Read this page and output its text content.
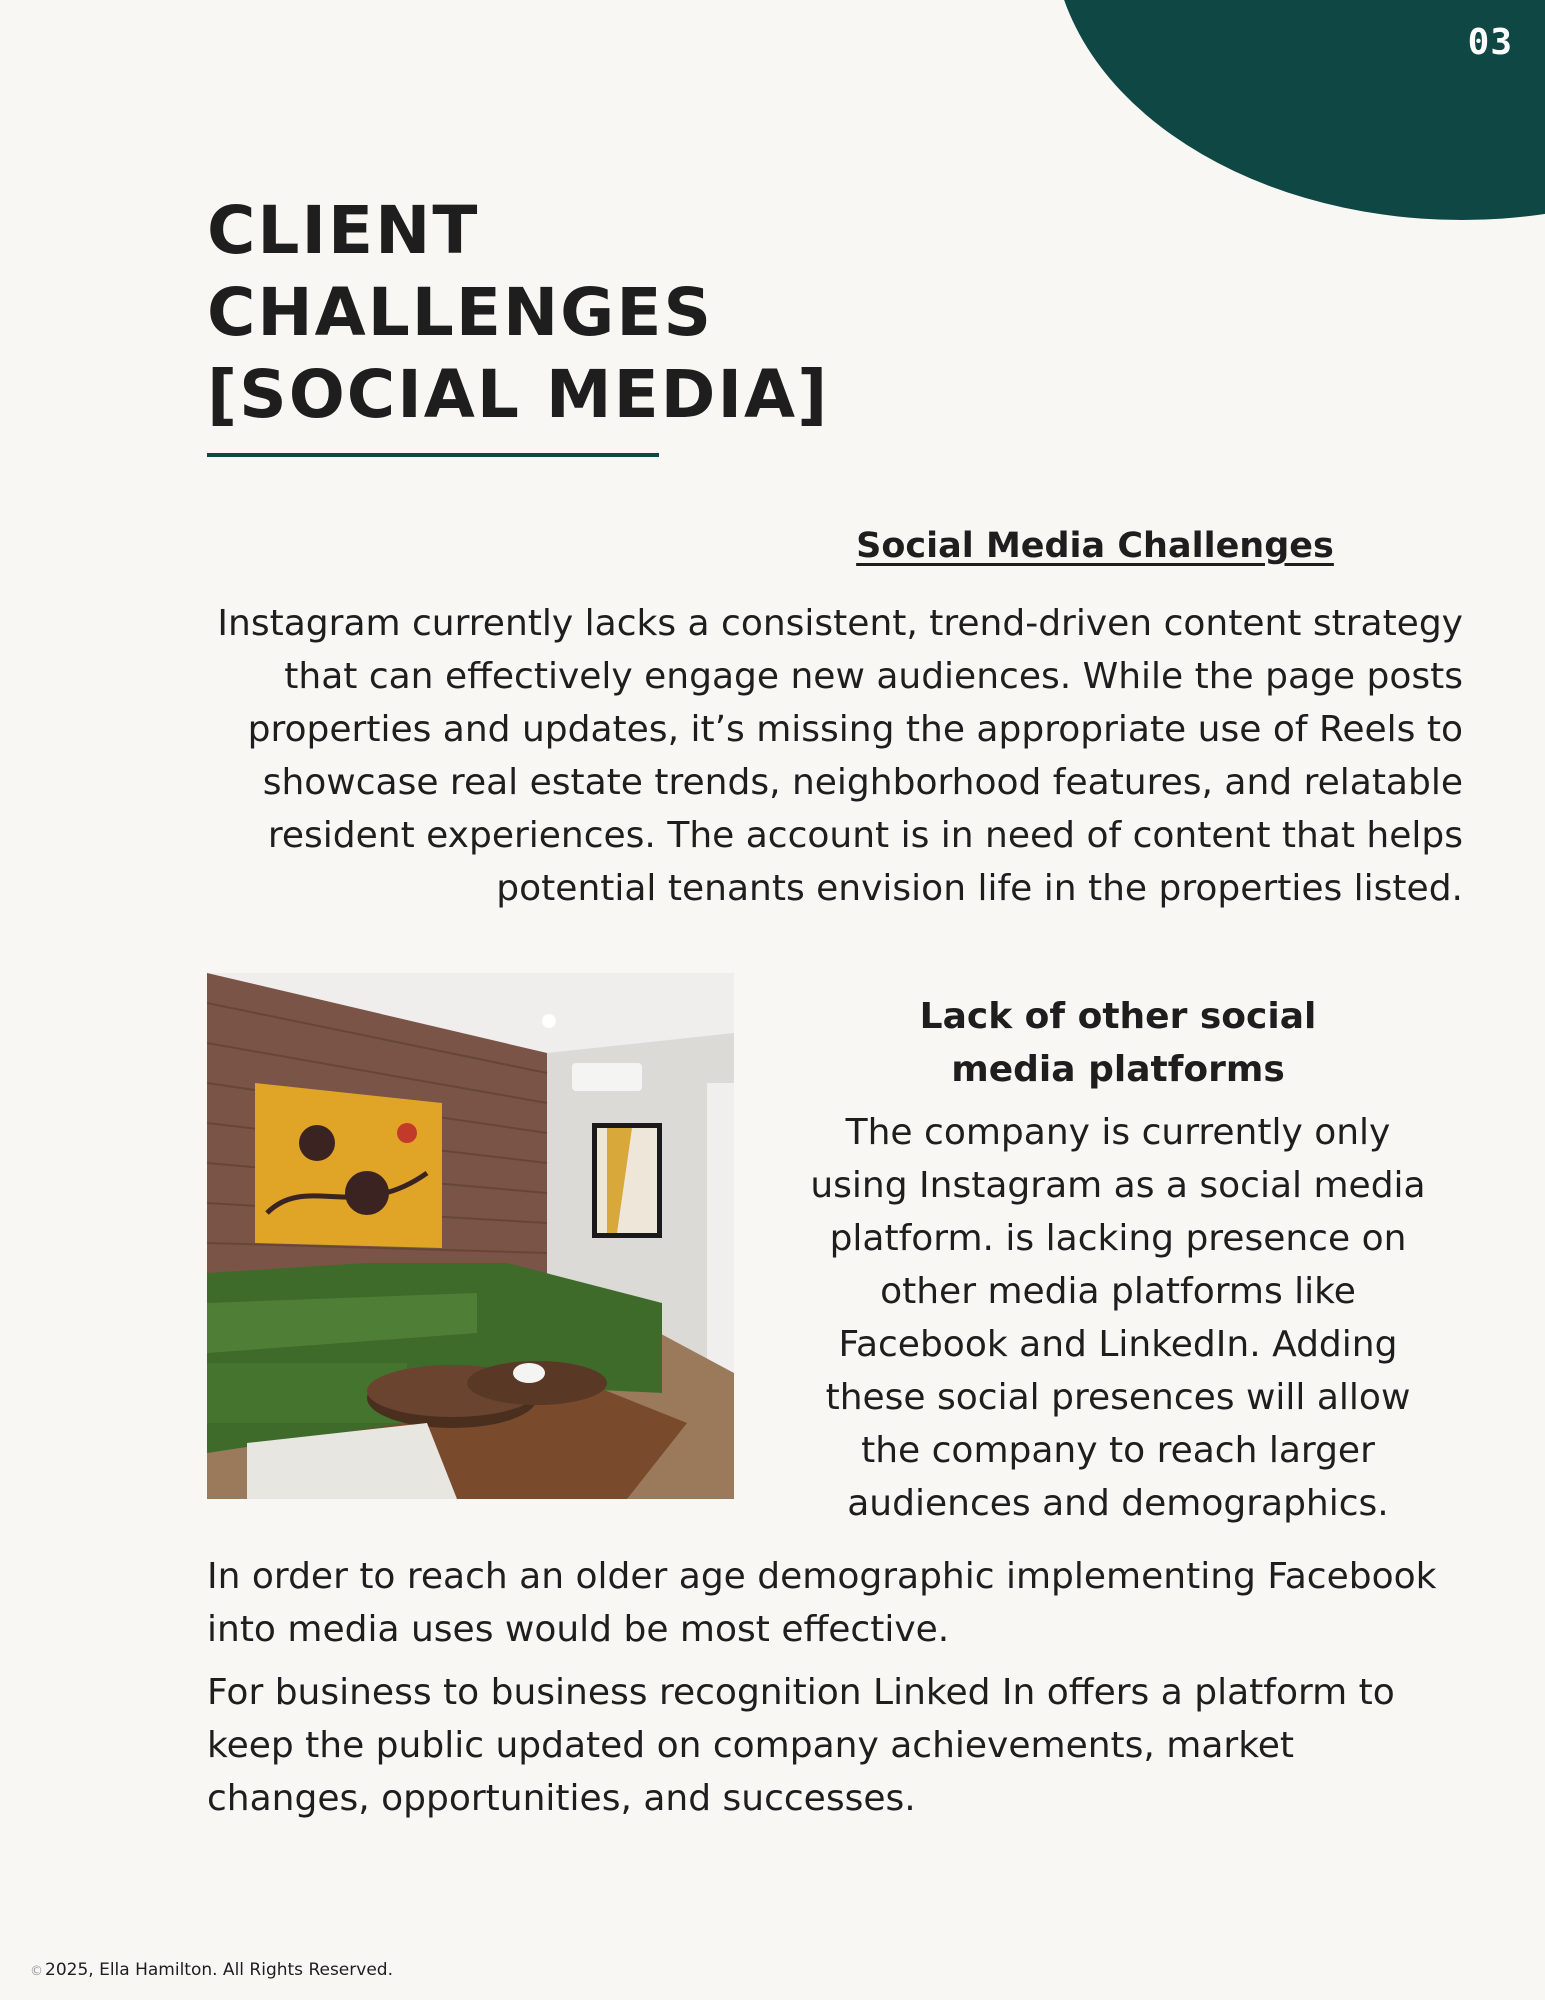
03
CLIENT
CHALLENGES
[SOCIAL MEDIA]
Social Media Challenges

Instagram currently lacks a consistent, trend-driven content strategy that can effectively engage new audiences. While the page posts properties and updates, it’s missing the appropriate use of Reels to showcase real estate trends, neighborhood features, and relatable resident experiences. The account is in need of content that helps potential tenants envision life in the properties listed.

Lack of other social media platforms

The company is currently only using Instagram as a social media platform. is lacking presence on other media platforms like Facebook and LinkedIn. Adding these social presences will allow the company to reach larger audiences and demographics.

In order to reach an older age demographic implementing Facebook into media uses would be most effective.

For business to business recognition Linked In offers a platform to keep the public updated on company achievements, market changes, opportunities, and successes.

© 2025, Ella Hamilton. All Rights Reserved.
